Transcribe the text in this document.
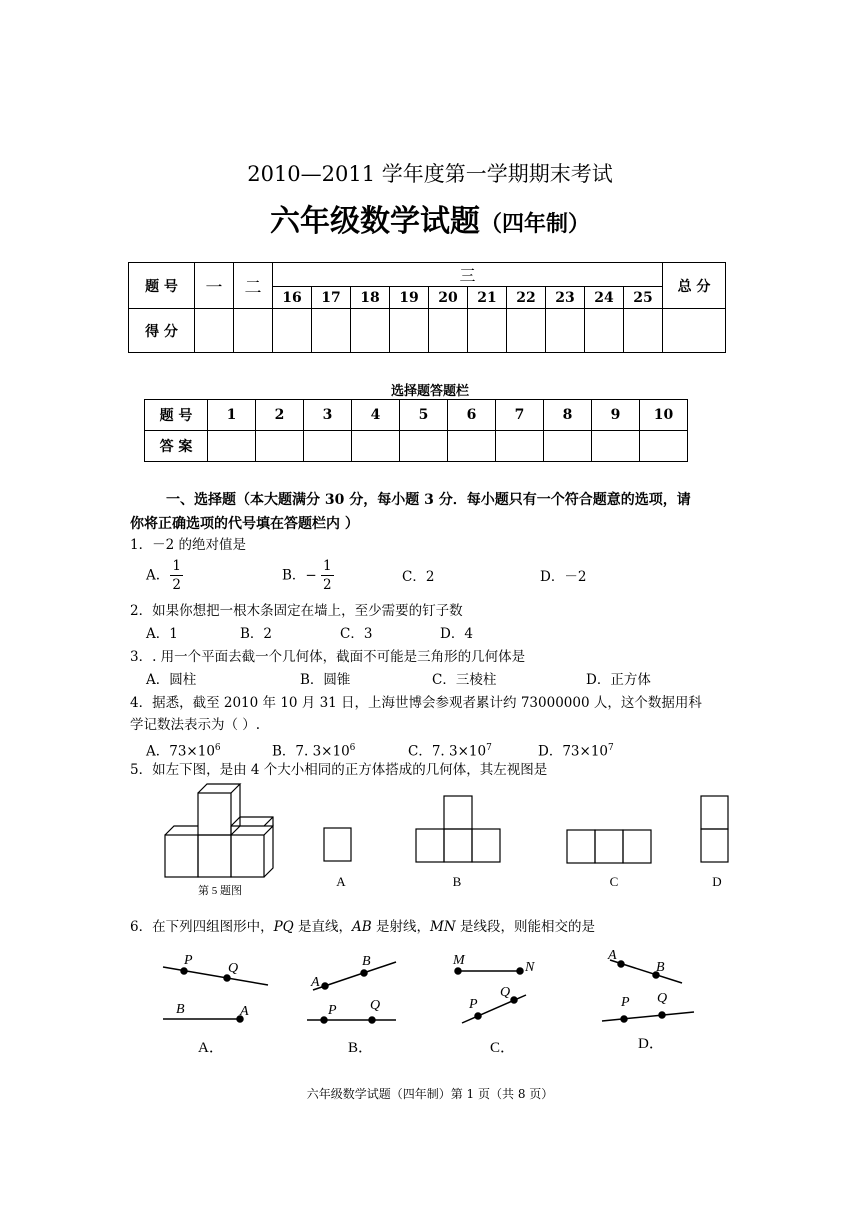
2010—2011 学年度第一学期期末考试
六年级数学试题（四年制）
题 号	一	二	三										总 分
			16	17	18	19	20	21	22	23	24	25	
得 分													
选择题答题栏
题 号	1	2	3	4	5	6	7	8	9	10
答 案										
一、选择题（本大题满分 30 分，每小题 3 分．每小题只有一个符合题意的选项，请
你将正确选项的代号填在答题栏内 ）
1．－2 的绝对值是
A. $\frac{1}{2}$	B．− $\frac{1}{2}$	C．2	D．－2
2．如果你想把一根木条固定在墙上，至少需要的钉子数
A．1	B．2	C．3	D．4
3．. 用一个平面去截一个几何体，截面不可能是三角形的几何体是
A．圆柱	B．圆锥	C．三棱柱	D．正方体
4．据悉，截至 2010 年 10 月 31 日，上海世博会参观者累计约 73000000 人，这个数据用科
学记数法表示为（ ）.
A．$73\times 10^6$	B．7. $3\times 10^6$	C．7. $3\times 10^7$	D．$73\times 10^7$
5．如左下图，是由 4 个大小相同的正方体搭成的几何体，其左视图是
第 5 题图
A	B	C	D
6．在下列四组图形中，PQ 是直线，AB 是射线，MN 是线段，则能相交的是
P
Q
B	A
A．
A
B
P Q
B．
M	N
P
Q
C．
A
B
P Q
D．
六年级数学试题（四年制）第 1 页（共 8 页）
